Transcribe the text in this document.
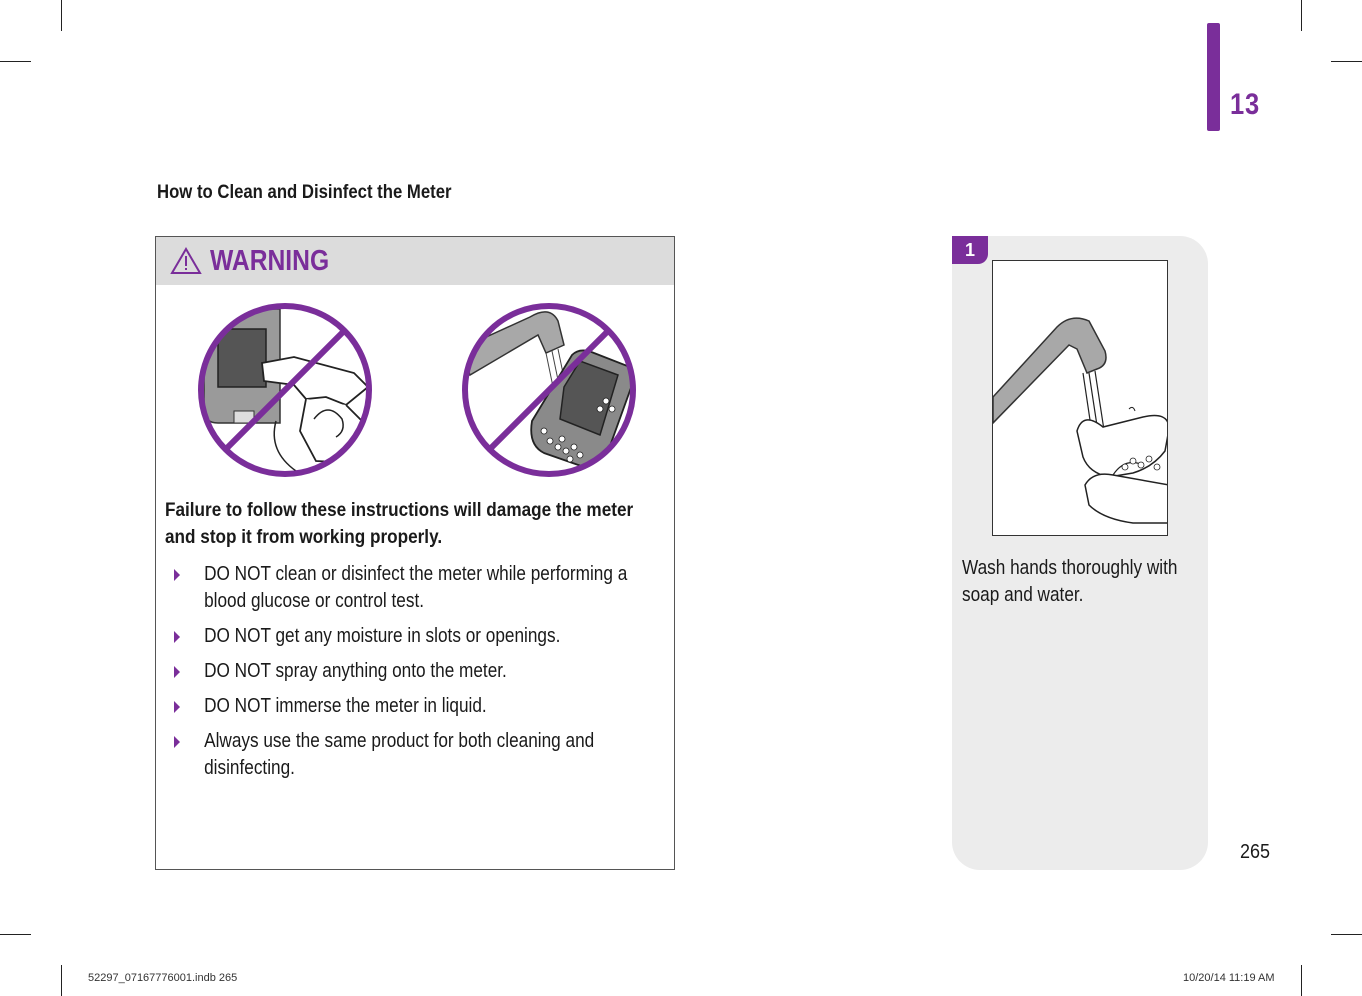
13
How to Clean and Disinfect the Meter
WARNING
Failure to follow these instructions will damage the meter and stop it from working properly.
DO NOT clean or disinfect the meter while performing a blood glucose or control test.
DO NOT get any moisture in slots or openings.
DO NOT spray anything onto the meter.
DO NOT immerse the meter in liquid.
Always use the same product for both cleaning and disinfecting.
1
Wash hands thoroughly with soap and water.
265
52297_07167776001.indb 265	10/20/14 11:19 AM
